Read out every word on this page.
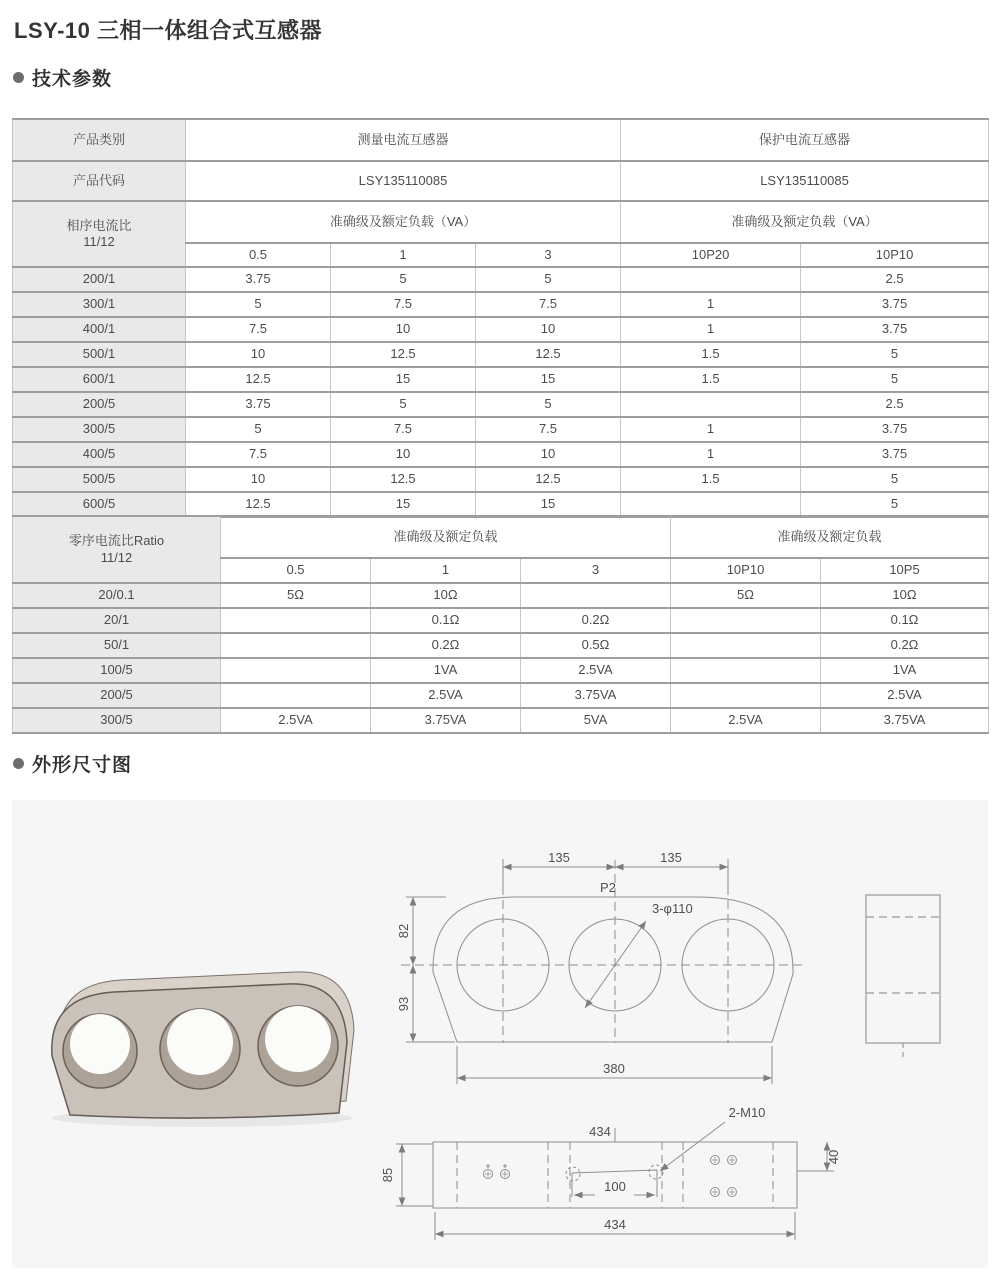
LSY-10 三相一体组合式互感器
技术参数
产品类别	测量电流互感器			保护电流互感器	
产品代码	LSY135110085			LSY135110085	

相序电流比
11/12	准确级及额定负载（VA）			准确级及额定负载（VA）	
	0.5	1	3	10P20	10P10
200/1	3.75	5	5		2.5
300/1	5	7.5	7.5	1	3.75
400/1	7.5	10	10	1	3.75
500/1	10	12.5	12.5	1.5	5
600/1	12.5	15	15	1.5	5
200/5	3.75	5	5		2.5
300/5	5	7.5	7.5	1	3.75
400/5	7.5	10	10	1	3.75
500/5	10	12.5	12.5	1.5	5
600/5	12.5	15	15		5
零序电流比Ratio
11/12	准确级及额定负载			准确级及额定负载	
	0.5	1	3	10P10	10P5
20/0.1	5Ω	10Ω		5Ω	10Ω
20/1		0.1Ω	0.2Ω		0.1Ω
50/1		0.2Ω	0.5Ω		0.2Ω
100/5		1VA	2.5VA		1VA
200/5		2.5VA	3.75VA		2.5VA
300/5	2.5VA	3.75VA	5VA	2.5VA	3.75VA
外形尺寸图
135	135
P2
3-φ110
82
93
380
434
2-M10
100
85
40
434
